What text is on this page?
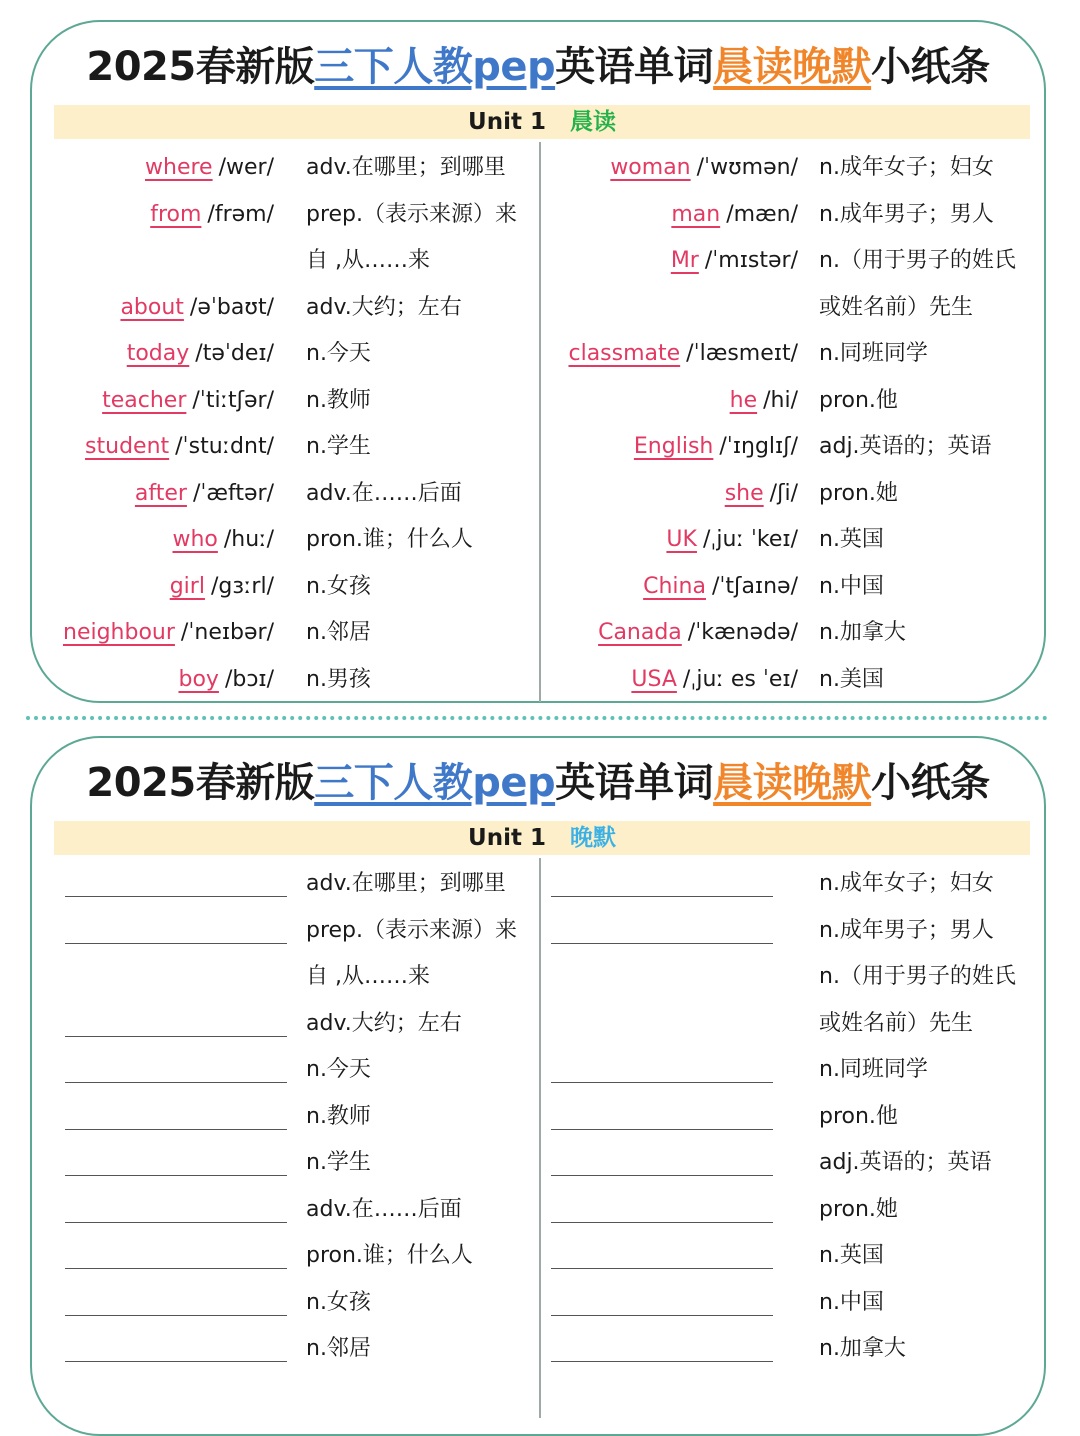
2025春新版三下人教pep英语单词晨读晚默小纸条
Unit 1 晨读
where /wer/ adv.在哪里；到哪里
from /frəm/ prep.（表示来源）来
自 ,从……来
about /əˈbaʊt/ adv.大约；左右
today /təˈdeɪ/ n.今天
teacher /ˈtiːtʃər/ n.教师
student /ˈstuːdnt/ n.学生
after /ˈæftər/ adv.在……后面
who /huː/ pron.谁；什么人
girl /gɜːrl/ n.女孩
neighbour /ˈneɪbər/ n.邻居
boy /bɔɪ/ n.男孩
woman /ˈwʊmən/ n.成年女子；妇女
man /mæn/ n.成年男子；男人
Mr /ˈmɪstər/ n.（用于男子的姓氏
或姓名前）先生
classmate /ˈlæsmeɪt/ n.同班同学
he /hi/ pron.他
English /ˈɪŋglɪʃ/ adj.英语的；英语
she /ʃi/ pron.她
UK /ˌjuː ˈkeɪ/ n.英国
China /ˈtʃaɪnə/ n.中国
Canada /ˈkænədə/ n.加拿大
USA /ˌjuː es ˈeɪ/ n.美国
2025春新版三下人教pep英语单词晨读晚默小纸条
Unit 1 晚默
adv.在哪里；到哪里
prep.（表示来源）来
自 ,从……来
adv.大约；左右
n.今天
n.教师
n.学生
adv.在……后面
pron.谁；什么人
n.女孩
n.邻居
n.成年女子；妇女
n.成年男子；男人
n.（用于男子的姓氏
或姓名前）先生
n.同班同学
pron.他
adj.英语的；英语
pron.她
n.英国
n.中国
n.加拿大
